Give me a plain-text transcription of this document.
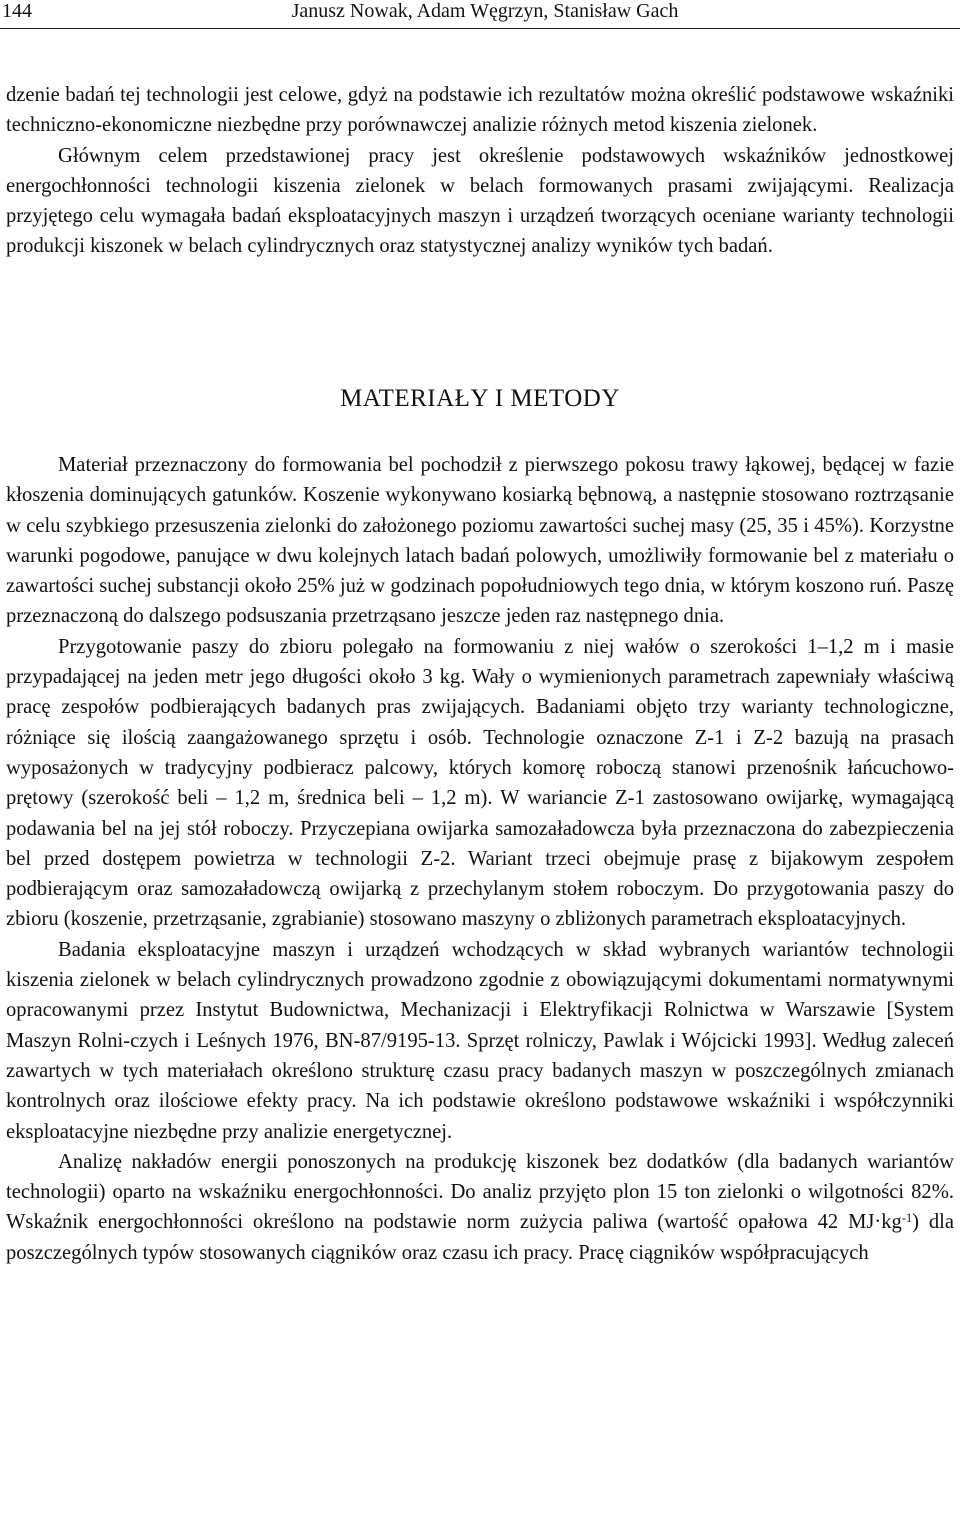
144	Janusz Nowak, Adam Węgrzyn, Stanisław Gach

dzenie badań tej technologii jest celowe, gdyż na podstawie ich rezultatów można określić podstawowe wskaźniki techniczno-ekonomiczne niezbędne przy porównawczej analizie różnych metod kiszenia zielonek.

Głównym celem przedstawionej pracy jest określenie podstawowych wskaźników jednostkowej energochłonności technologii kiszenia zielonek w belach formowanych prasami zwijającymi. Realizacja przyjętego celu wymagała badań eksploatacyjnych maszyn i urządzeń tworzących oceniane warianty technologii produkcji kiszonek w belach cylindrycznych oraz statystycznej analizy wyników tych badań.

MATERIAŁY I METODY

Materiał przeznaczony do formowania bel pochodził z pierwszego pokosu trawy łąkowej, będącej w fazie kłoszenia dominujących gatunków. Koszenie wykonywano kosiarką bębnową, a następnie stosowano roztrząsanie w celu szybkiego przesuszenia zielonki do założonego poziomu zawartości suchej masy (25, 35 i 45%). Korzystne warunki pogodowe, panujące w dwu kolejnych latach badań polowych, umożliwiły formowanie bel z materiału o zawartości suchej substancji około 25% już w godzinach popołudniowych tego dnia, w którym koszono ruń. Paszę przeznaczoną do dalszego podsuszania przetrząsano jeszcze jeden raz następnego dnia.

Przygotowanie paszy do zbioru polegało na formowaniu z niej wałów o szerokości 1–1,2 m i masie przypadającej na jeden metr jego długości około 3 kg. Wały o wymienionych parametrach zapewniały właściwą pracę zespołów podbierających badanych pras zwijających. Badaniami objęto trzy warianty technologiczne, różniące się ilością zaangażowanego sprzętu i osób. Technologie oznaczone Z-1 i Z-2 bazują na prasach wyposażonych w tradycyjny podbieracz palcowy, których komorę roboczą stanowi przenośnik łańcuchowo-prętowy (szerokość beli – 1,2 m, średnica beli – 1,2 m). W wariancie Z-1 zastosowano owijarkę, wymagającą podawania bel na jej stół roboczy. Przyczepiana owijarka samozaładowcza była przeznaczona do zabezpieczenia bel przed dostępem powietrza w technologii Z-2. Wariant trzeci obejmuje prasę z bijakowym zespołem podbierającym oraz samozaładowczą owijarką z przechylanym stołem roboczym. Do przygotowania paszy do zbioru (koszenie, przetrząsanie, zgrabianie) stosowano maszyny o zbliżonych parametrach eksploatacyjnych.

Badania eksploatacyjne maszyn i urządzeń wchodzących w skład wybranych wariantów technologii kiszenia zielonek w belach cylindrycznych prowadzono zgodnie z obowiązującymi dokumentami normatywnymi opracowanymi przez Instytut Budownictwa, Mechanizacji i Elektryfikacji Rolnictwa w Warszawie [System Maszyn Rolni-czych i Leśnych 1976, BN-87/9195-13. Sprzęt rolniczy, Pawlak i Wójcicki 1993]. Według zaleceń zawartych w tych materiałach określono strukturę czasu pracy badanych maszyn w poszczególnych zmianach kontrolnych oraz ilościowe efekty pracy. Na ich podstawie określono podstawowe wskaźniki i współczynniki eksploatacyjne niezbędne przy analizie energetycznej.

Analizę nakładów energii ponoszonych na produkcję kiszonek bez dodatków (dla badanych wariantów technologii) oparto na wskaźniku energochłonności. Do analiz przyjęto plon 15 ton zielonki o wilgotności 82%. Wskaźnik energochłonności określono na podstawie norm zużycia paliwa (wartość opałowa 42 $MJ\cdot kg^{-1}$) dla poszczególnych typów stosowanych ciągników oraz czasu ich pracy. Pracę ciągników współpracujących
